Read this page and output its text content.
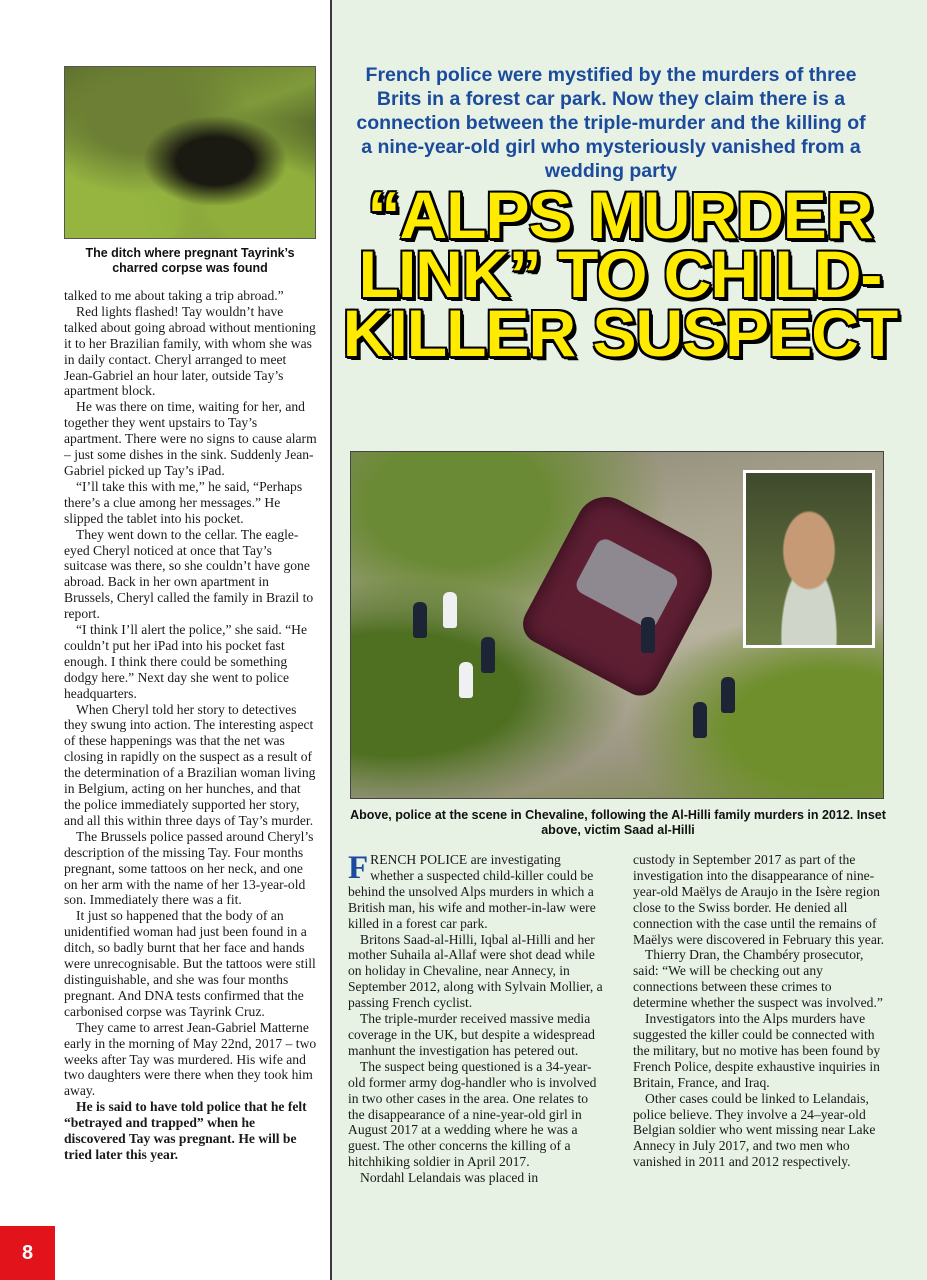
The ditch where pregnant Tayrink’s charred corpse was found

talked to me about taking a trip abroad.”

Red lights flashed! Tay wouldn’t have talked about going abroad without mentioning it to her Brazilian family, with whom she was in daily contact. Cheryl arranged to meet Jean-Gabriel an hour later, outside Tay’s apartment block.

He was there on time, waiting for her, and together they went upstairs to Tay’s apartment. There were no signs to cause alarm – just some dishes in the sink. Suddenly Jean-Gabriel picked up Tay’s iPad.

“I’ll take this with me,” he said, “Perhaps there’s a clue among her messages.” He slipped the tablet into his pocket.

They went down to the cellar. The eagle-eyed Cheryl noticed at once that Tay’s suitcase was there, so she couldn’t have gone abroad. Back in her own apartment in Brussels, Cheryl called the family in Brazil to report.

“I think I’ll alert the police,” she said. “He couldn’t put her iPad into his pocket fast enough. I think there could be something dodgy here.” Next day she went to police headquarters.

When Cheryl told her story to detectives they swung into action. The interesting aspect of these happenings was that the net was closing in rapidly on the suspect as a result of the determination of a Brazilian woman living in Belgium, acting on her hunches, and that the police immediately supported her story, and all this within three days of Tay’s murder.

The Brussels police passed around Cheryl’s description of the missing Tay. Four months pregnant, some tattoos on her neck, and one on her arm with the name of her 13-year-old son. Immediately there was a fit.

It just so happened that the body of an unidentified woman had just been found in a ditch, so badly burnt that her face and hands were unrecognisable. But the tattoos were still distinguishable, and she was four months pregnant. And DNA tests confirmed that the carbonised corpse was Tayrink Cruz.

They came to arrest Jean-Gabriel Matterne early in the morning of May 22nd, 2017 – two weeks after Tay was murdered. His wife and two daughters were there when they took him away.

He is said to have told police that he felt “betrayed and trapped” when he discovered Tay was pregnant. He will be tried later this year.

8
French police were mystified by the murders of three Brits in a forest car park. Now they claim there is a connection between the triple-murder and the killing of a nine-year-old girl who mysteriously vanished from a wedding party
“ALPS MURDER LINK” TO CHILD-KILLER SUSPECT
Above, police at the scene in Chevaline, following the Al-Hilli family murders in 2012. Inset above, victim Saad al-Hilli

FRENCH POLICE are investigating whether a suspected child-killer could be behind the unsolved Alps murders in which a British man, his wife and mother-in-law were killed in a forest car park.

Britons Saad-al-Hilli, Iqbal al-Hilli and her mother Suhaila al-Allaf were shot dead while on holiday in Chevaline, near Annecy, in September 2012, along with Sylvain Mollier, a passing French cyclist.

The triple-murder received massive media coverage in the UK, but despite a widespread manhunt the investigation has petered out.

The suspect being questioned is a 34-year-old former army dog-handler who is involved in two other cases in the area. One relates to the disappearance of a nine-year-old girl in August 2017 at a wedding where he was a guest. The other concerns the killing of a hitchhiking soldier in April 2017.

Nordahl Lelandais was placed in

custody in September 2017 as part of the investigation into the disappearance of nine-year-old Maëlys de Araujo in the Isère region close to the Swiss border. He denied all connection with the case until the remains of Maëlys were discovered in February this year.

Thierry Dran, the Chambéry prosecutor, said: “We will be checking out any connections between these crimes to determine whether the suspect was involved.”

Investigators into the Alps murders have suggested the killer could be connected with the military, but no motive has been found by French Police, despite exhaustive inquiries in Britain, France, and Iraq.

Other cases could be linked to Lelandais, police believe. They involve a 24–year-old Belgian soldier who went missing near Lake Annecy in July 2017, and two men who vanished in 2011 and 2012 respectively.
